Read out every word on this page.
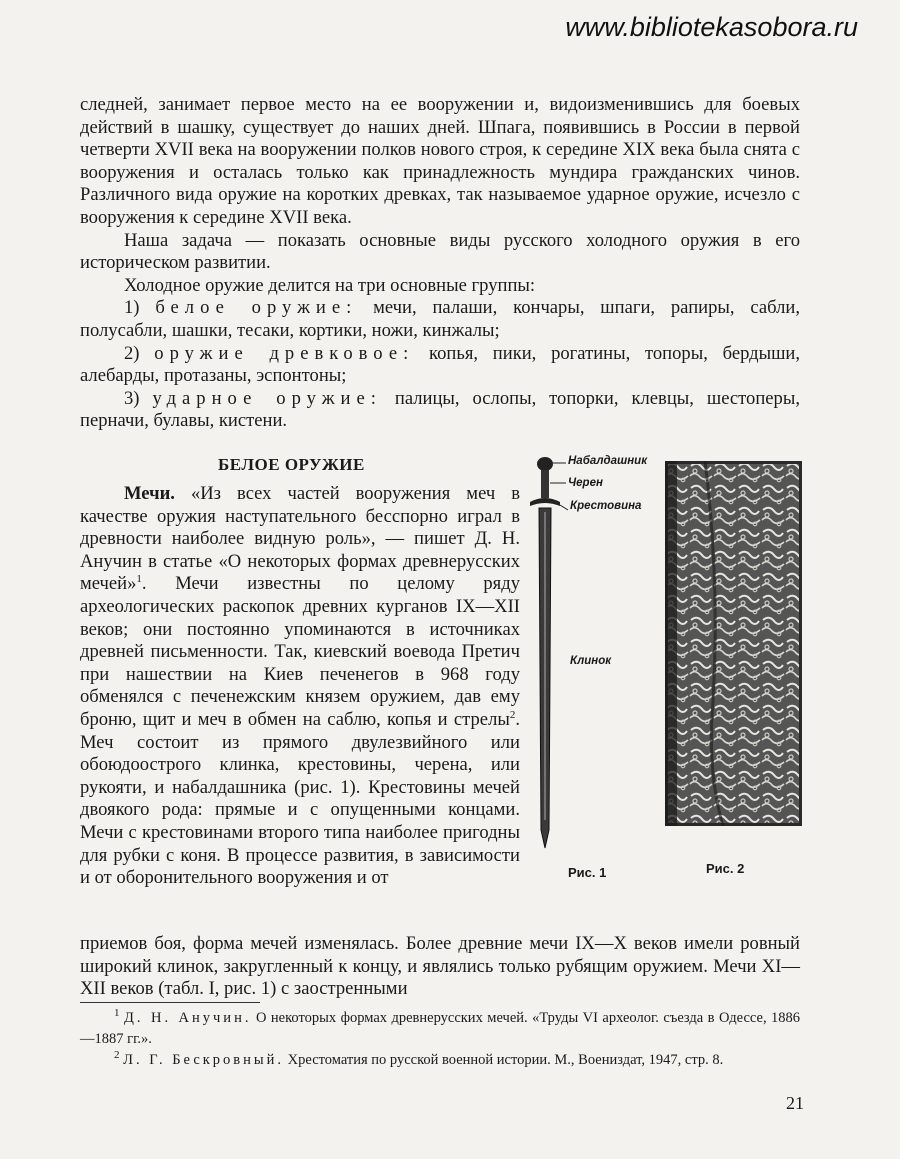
www.bibliotekasobora.ru

следней, занимает первое место на ее вооружении и, видоизменившись для боевых действий в шашку, существует до наших дней. Шпага, появившись в России в первой четверти XVII века на вооружении полков нового строя, к середине XIX века была снята с вооружения и осталась только как принадлежность мундира гражданских чинов. Различного вида оружие на коротких древках, так называемое ударное оружие, исчезло с вооружения к середине XVII века.

Наша задача — показать основные виды русского холодного оружия в его историческом развитии.

Холодное оружие делится на три основные группы:

1) белое оружие: мечи, палаши, кончары, шпаги, рапиры, сабли, полусабли, шашки, тесаки, кортики, ножи, кинжалы;

2) оружие древковое: копья, пики, рогатины, топоры, бердыши, алебарды, протазаны, эспонтоны;

3) ударное оружие: палицы, ослопы, топорки, клевцы, шестоперы, перначи, булавы, кистени.

БЕЛОЕ ОРУЖИЕ

Мечи. «Из всех частей вооружения меч в качестве оружия наступательного бесспорно играл в древности наиболее видную роль», — пишет Д. Н. Анучин в статье «О некоторых формах древнерусских мечей»$^1$. Мечи известны по целому ряду археологических раскопок древних курганов IX—XII веков; они постоянно упоминаются в источниках древней письменности. Так, киевский воевода Претич при нашествии на Киев печенегов в 968 году обменялся с печенежским князем оружием, дав ему броню, щит и меч в обмен на саблю, копья и стрелы$^2$. Меч состоит из прямого двулезвийного или обоюдоострого клинка, крестовины, черена, или рукояти, и набалдашника (рис. 1). Крестовины мечей двоякого рода: прямые и с опущенными концами. Мечи с крестовинами второго типа наиболее пригодны для рубки с коня. В процессе развития, в зависимости и от оборонительного вооружения и от

приемов боя, форма мечей изменялась. Более древние мечи IX—X веков имели ровный широкий клинок, закругленный к концу, и являлись только рубящим оружием. Мечи XI—XII веков (табл. I, рис. 1) с заостренными

Набалдашник
Черен
Крестовина
Клинок
Рис. 1	Рис. 2

$^1$ Д. Н. Анучин. О некоторых формах древнерусских мечей. «Труды VI археолог. съезда в Одессе, 1886—1887 гг.».

$^2$ Л. Г. Бескровный. Хрестоматия по русской военной истории. М., Воениздат, 1947, стр. 8.

21
